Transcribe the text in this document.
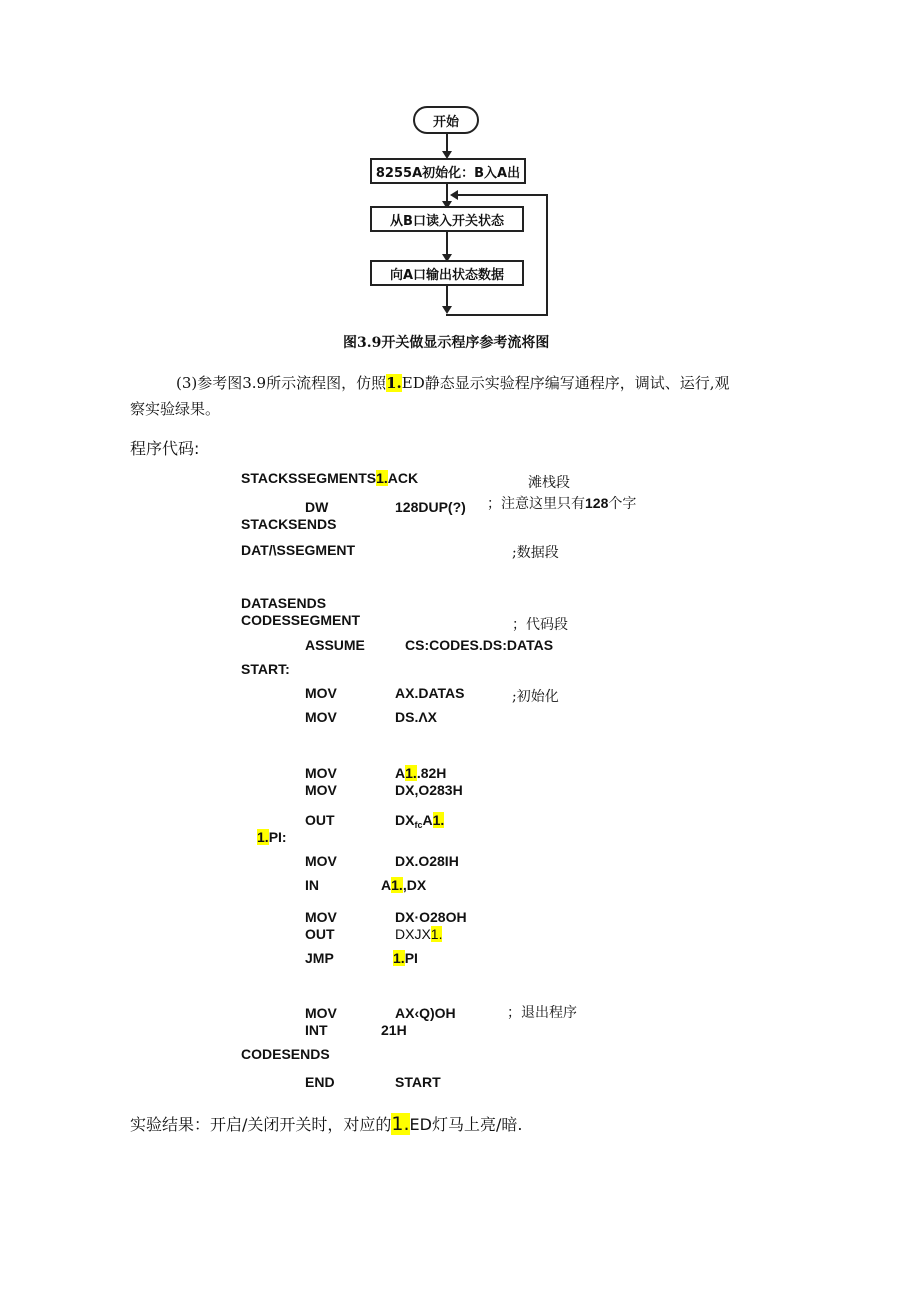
开始
8255A初始化：B入A出
从B口读入开关状态
向A口输出状态数据
图3.9开关做显示程序参考流将图
(3)参考图3.9所示流程图，仿照1.ED静态显示实验程序编写通程序，调试、运行,观
察实验绿果。
程序代码:
STACKSSEGMENTS1.ACK	滩栈段
DW	128DUP(?) ；注意这里只有128个字
STACKSENDS
DAT/\SSEGMENT	;数据段
DATASENDS
CODESSEGMENT	；代码段
ASSUME	CS:CODES.DS:DATAS
START:
MOV	AX.DATAS	;初始化
MOV	DS.ΛX
MOV	A1..82H
MOV	DX,O283H
OUT	$DX_{fc}A1$.
1.PI:
MOV	DX.O28IH
IN	A1.,DX
MOV	DX·O28OH
OUT	DXJX1.
JMP	1.PI
MOV	AX‹Q)OH	；退出程序
INT	21H
CODESENDS
END	START
实验结果：开启/关闭开关时，对应的1.ED灯马上亮/暗.
